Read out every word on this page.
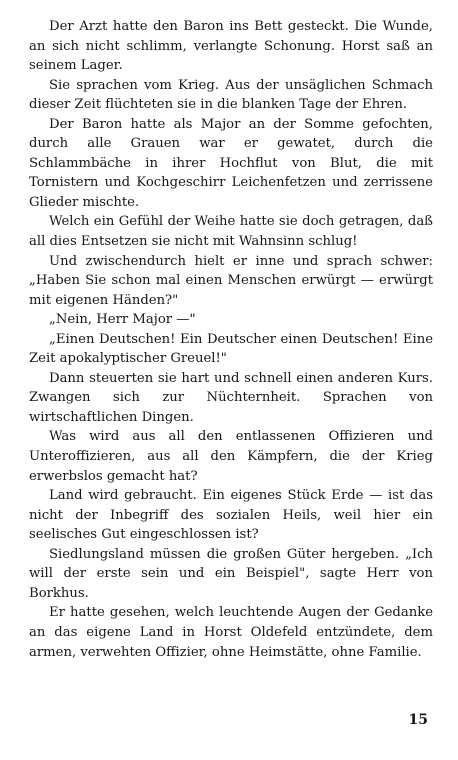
Der Arzt hatte den Baron ins Bett gesteckt. Die Wunde, an sich nicht schlimm, verlangte Schonung. Horst saß an seinem Lager.

Sie sprachen vom Krieg. Aus der unsäglichen Schmach dieser Zeit flüchteten sie in die blanken Tage der Ehren.

Der Baron hatte als Major an der Somme gefochten, durch alle Grauen war er gewatet, durch die Schlammbäche in ihrer Hochflut von Blut, die mit Tornistern und Kochgeschirr Leichenfetzen und zerrissene Glieder mischte.

Welch ein Gefühl der Weihe hatte sie doch getragen, daß all dies Entsetzen sie nicht mit Wahnsinn schlug!

Und zwischendurch hielt er inne und sprach schwer: „Haben Sie schon mal einen Menschen erwürgt — erwürgt mit eigenen Händen?"

„Nein, Herr Major —"

„Einen Deutschen! Ein Deutscher einen Deutschen! Eine Zeit apokalyptischer Greuel!"

Dann steuerten sie hart und schnell einen anderen Kurs. Zwangen sich zur Nüchternheit. Sprachen von wirtschaftlichen Dingen.

Was wird aus all den entlassenen Offizieren und Unteroffizieren, aus all den Kämpfern, die der Krieg erwerbslos gemacht hat?

Land wird gebraucht. Ein eigenes Stück Erde — ist das nicht der Inbegriff des sozialen Heils, weil hier ein seelisches Gut eingeschlossen ist?

Siedlungsland müssen die großen Güter hergeben. „Ich will der erste sein und ein Beispiel", sagte Herr von Borkhus.

Er hatte gesehen, welch leuchtende Augen der Gedanke an das eigene Land in Horst Oldefeld entzündete, dem armen, verwehten Offizier, ohne Heimstätte, ohne Familie.

15
